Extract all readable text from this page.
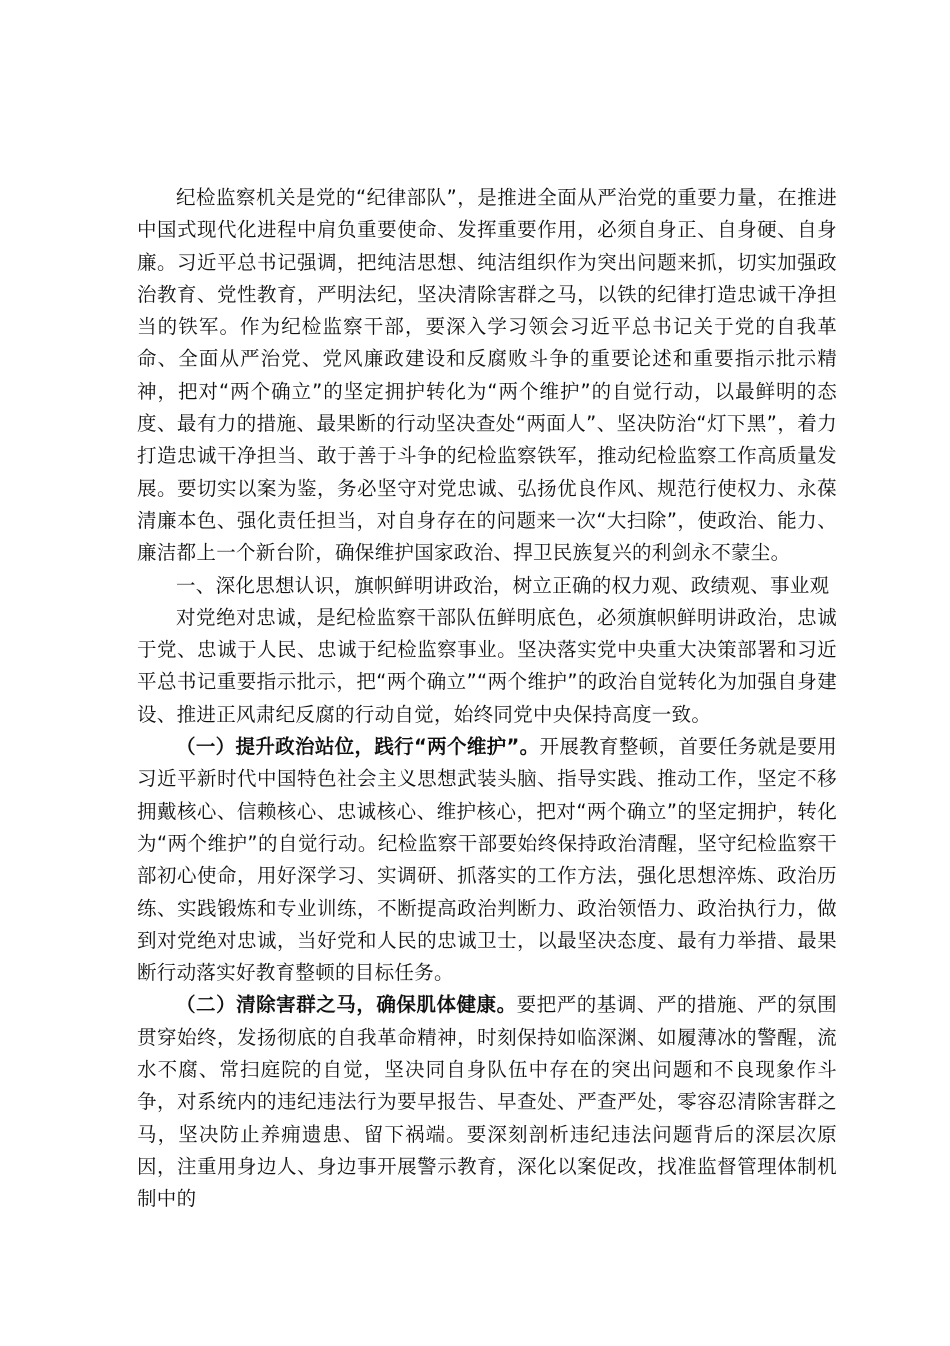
纪检监察机关是党的“纪律部队”，是推进全面从严治党的重要力量，在推进中国式现代化进程中肩负重要使命、发挥重要作用，必须自身正、自身硬、自身廉。习近平总书记强调，把纯洁思想、纯洁组织作为突出问题来抓，切实加强政治教育、党性教育，严明法纪，坚决清除害群之马，以铁的纪律打造忠诚干净担当的铁军。作为纪检监察干部，要深入学习领会习近平总书记关于党的自我革命、全面从严治党、党风廉政建设和反腐败斗争的重要论述和重要指示批示精神，把对“两个确立”的坚定拥护转化为“两个维护”的自觉行动，以最鲜明的态度、最有力的措施、最果断的行动坚决查处“两面人”、坚决防治“灯下黑”，着力打造忠诚干净担当、敢于善于斗争的纪检监察铁军，推动纪检监察工作高质量发展。要切实以案为鉴，务必坚守对党忠诚、弘扬优良作风、规范行使权力、永葆清廉本色、强化责任担当，对自身存在的问题来一次“大扫除”，使政治、能力、廉洁都上一个新台阶，确保维护国家政治、捍卫民族复兴的利剑永不蒙尘。

一、深化思想认识，旗帜鲜明讲政治，树立正确的权力观、政绩观、事业观

对党绝对忠诚，是纪检监察干部队伍鲜明底色，必须旗帜鲜明讲政治，忠诚于党、忠诚于人民、忠诚于纪检监察事业。坚决落实党中央重大决策部署和习近平总书记重要指示批示，把“两个确立”“两个维护”的政治自觉转化为加强自身建设、推进正风肃纪反腐的行动自觉，始终同党中央保持高度一致。

（一）提升政治站位，践行“两个维护”。开展教育整顿，首要任务就是要用习近平新时代中国特色社会主义思想武装头脑、指导实践、推动工作，坚定不移拥戴核心、信赖核心、忠诚核心、维护核心，把对“两个确立”的坚定拥护，转化为“两个维护”的自觉行动。纪检监察干部要始终保持政治清醒，坚守纪检监察干部初心使命，用好深学习、实调研、抓落实的工作方法，强化思想淬炼、政治历练、实践锻炼和专业训练，不断提高政治判断力、政治领悟力、政治执行力，做到对党绝对忠诚，当好党和人民的忠诚卫士，以最坚决态度、最有力举措、最果断行动落实好教育整顿的目标任务。

（二）清除害群之马，确保肌体健康。要把严的基调、严的措施、严的氛围贯穿始终，发扬彻底的自我革命精神，时刻保持如临深渊、如履薄冰的警醒，流水不腐、常扫庭院的自觉，坚决同自身队伍中存在的突出问题和不良现象作斗争，对系统内的违纪违法行为要早报告、早查处、严查严处，零容忍清除害群之马，坚决防止养痈遗患、留下祸端。要深刻剖析违纪违法问题背后的深层次原因，注重用身边人、身边事开展警示教育，深化以案促改，找准监督管理体制机制中的
